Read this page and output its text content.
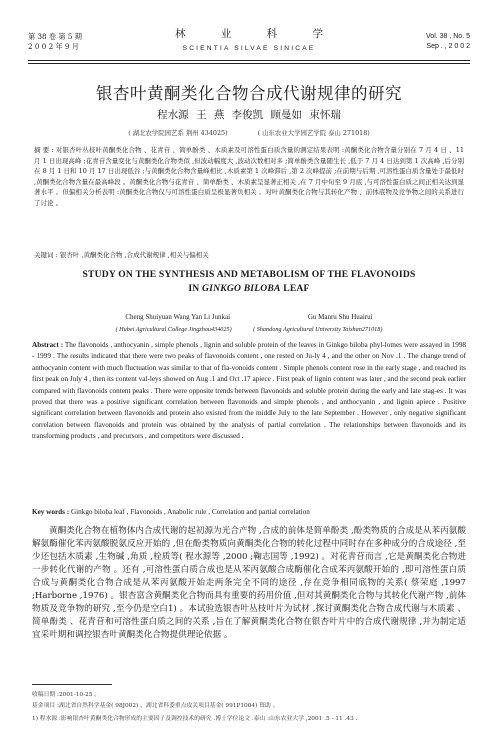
第 38 卷 第 5 期
2 0 0 2 年 9 月
林 业 科 学
SCIENTIA SILVAE SINICAE
Vol. 38 , No. 5
Sep . , 2 0 0 2
银杏叶黄酮类化合物合成代谢规律的研究
程水源 王 燕 李俊凯 顾曼如 束怀瑞
( 湖北农学院园艺系 荆州 434025)	( 山东农业大学园艺学院 泰山 271018)
摘 要 : 对银杏叶丛枝叶黄酮类化合物 、花青苷 、简单酚类 、木质素及可溶性蛋白质含量的测定结果表明 :黄酮类化合物含量分别在 7 月 4 日 、11 月 1 日出现高峰 ;花青苷含量变化与黄酮类化合物类似 ,但波动幅度大 ,波动次数相对多 ;简单酚类含量随生长 ,低于 7 月 4 日达到第 1 次高峰 ,后分别在 8 月 1 日和 10 月 17 日出现低谷 ;与黄酮类化合物含量峰相比 ,木质素第 1 次峰滞后 ,第 2 次峰提前 ;在前期与后期 ,可溶性蛋白质含量处于最低时 ,黄酮类化合物含量在最高峰段 。黄酮类化合物与花青苷 、简单酚类 、木质素呈显著正相关 ,在 7 月中旬至 9 月底 ,与可溶性蛋白质之间正相关达到显著水平 。但偏相关分析表明 :黄酮类化合物仅与可溶性蛋白质呈极显著负相关 。对叶黄酮类化合物与其转化产物 、前体底物及竞争物之间的关系进行了讨论 。
关键词 : 银杏叶 ,黄酮类化合物 ,合成代谢规律 ,相关与偏相关
STUDY ON THE SYNTHESIS AND METABOLISM OF THE FLAVONOIDS
IN GINKGO BILOBA LEAF
Cheng Shuiyuan Wang Yan Li Junkai	Gu Manru Shu Huairui
( Hubei Agricultural College Jingzhou434025)	( Shandong Agricultural University Taishan271018)
Abstract : The flavonoids , anthocyanin , simple phenols , lignin and soluble protein of the leaves in Ginkgo biloba phyl-lomes were assayed in 1998 - 1999 . The results indicated that there were two peaks of flavonoids content , one rested on Ju-ly 4 , and the other on Nov .1 . The change trend of anthocyanin content with much fluctuation was similar to that of fla-vonoids content . Simple phenols content rose in the early stage , and reached its first peak on July 4 , then its content val-leys showed on Aug .1 and Oct .17 apiece . First peak of lignin content was later , and the second peak earlier compared with flavonoids content peaks . There were opposite trends between flavonoids and soluble protein during the early and late stag-es . It was proved that there was a positive significant correlation between flavonoids and simple phenols , and anthocyanin , and lignin apiece . Positive significant correlation between flavonoids and protein also existed from the middle July to the late September . However , only negative significant correlation between flavonoids and protein was obtained by the analysis of partial correlation . The relationships between flavonoids and its transforming products , and precursors , and competitors were discussed .
Key words : Ginkgo biloba leaf , Flavonoids , Anabolic rule , Correlation and partial correlation
黄酮类化合物在植物体内合成代谢的起初源为光合产物 ,合成的前体是简单酚类 ,酚类物质的合成是从苯丙氨酸解氨酶催化苯丙氨酸脱氨反应开始的 ,但在酚类物质向黄酮类化合物的转化过程中同时存在多种成分的合成途径 ,至少还包括木质素 ,生物碱 ,角质 ,栓质等( 程水源等 ,2000 ;鞠志国等 ,1992) 。对花青苷而言 ,它是黄酮类化合物进一步转化代谢的产物 。还有 ,可溶性蛋白质合成也是从苯丙氨酸合成酶催化合成苯丙氨酸开始的 ,即可溶性蛋白质合成与黄酮类化合物合成是从苯丙氨酸开始走两条完全不同的途径 ,存在竞争相同底物的关系( 蔡荣庭 ,1997 ;Harborne ,1976) 。银杏富含黄酮类化合物而具有重要的药用价值 ,但对其黄酮类化合物与其转化代谢产物 ,前体物质及竞争物的研究 ,至今仍是空白1) 。本试验选银杏叶丛枝叶片为试材 ,探讨黄酮类化合物合成代谢与木质素 、简单酚类 、花青苷和可溶性蛋白质之间的关系 ,旨在了解黄酮类化合物在银杏叶片中的合成代谢规律 ,并为制定适宜采叶期和调控银杏叶黄酮类化合物提供理论依据 。
收稿日期 :2001-10-25 。
基金项目 :湖北省自然科学基金( 98J002) 、湖北省科委重点攻关项目基金( 991P1004) 资助 。
1) 程水源 .影响银杏叶黄酮类化合物形成的主要因子及调控技术的研究 .博士学位论文 .泰山 :山东农业大学 ,2001 .5 - 11 .43 .
